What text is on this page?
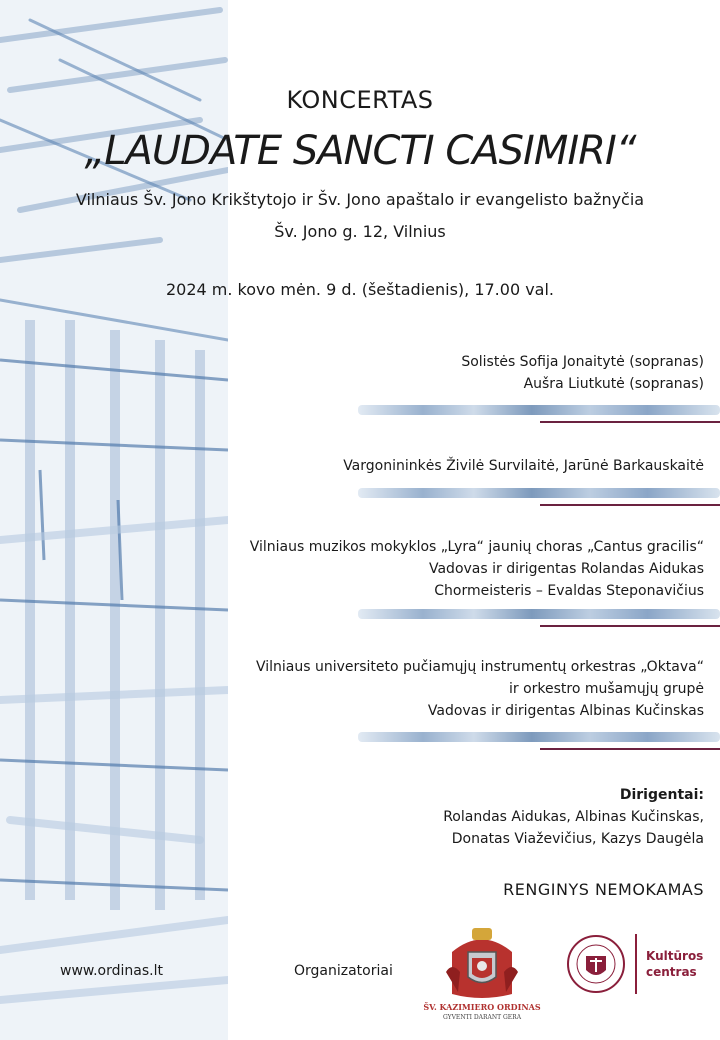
KONCERTAS
„LAUDATE SANCTI CASIMIRI“
Vilniaus Šv. Jono Krikštytojo ir Šv. Jono apaštalo ir evangelisto bažnyčia
Šv. Jono g. 12, Vilnius
2024 m. kovo mėn. 9 d. (šeštadienis), 17.00 val.
Solistės Sofija Jonaitytė (sopranas)
Aušra Liutkutė (sopranas)
Vargonininkės Živilė Survilaitė, Jarūnė Barkauskaitė
Vilniaus muzikos mokyklos „Lyra“ jaunių choras „Cantus gracilis“
Vadovas ir dirigentas Rolandas Aidukas
Chormeisteris – Evaldas Steponavičius
Vilniaus universiteto pučiamųjų instrumentų orkestras „Oktava“
ir orkestro mušamųjų grupė
Vadovas ir dirigentas Albinas Kučinskas
Dirigentai:
Rolandas Aidukas, Albinas Kučinskas,
Donatas Viaževičius, Kazys Daugėla
RENGINYS NEMOKAMAS
www.ordinas.lt	Organizatoriai
ŠV. KAZIMIERO ORDINAS
GYVENTI DARANT GERA
Kultūros
centras
